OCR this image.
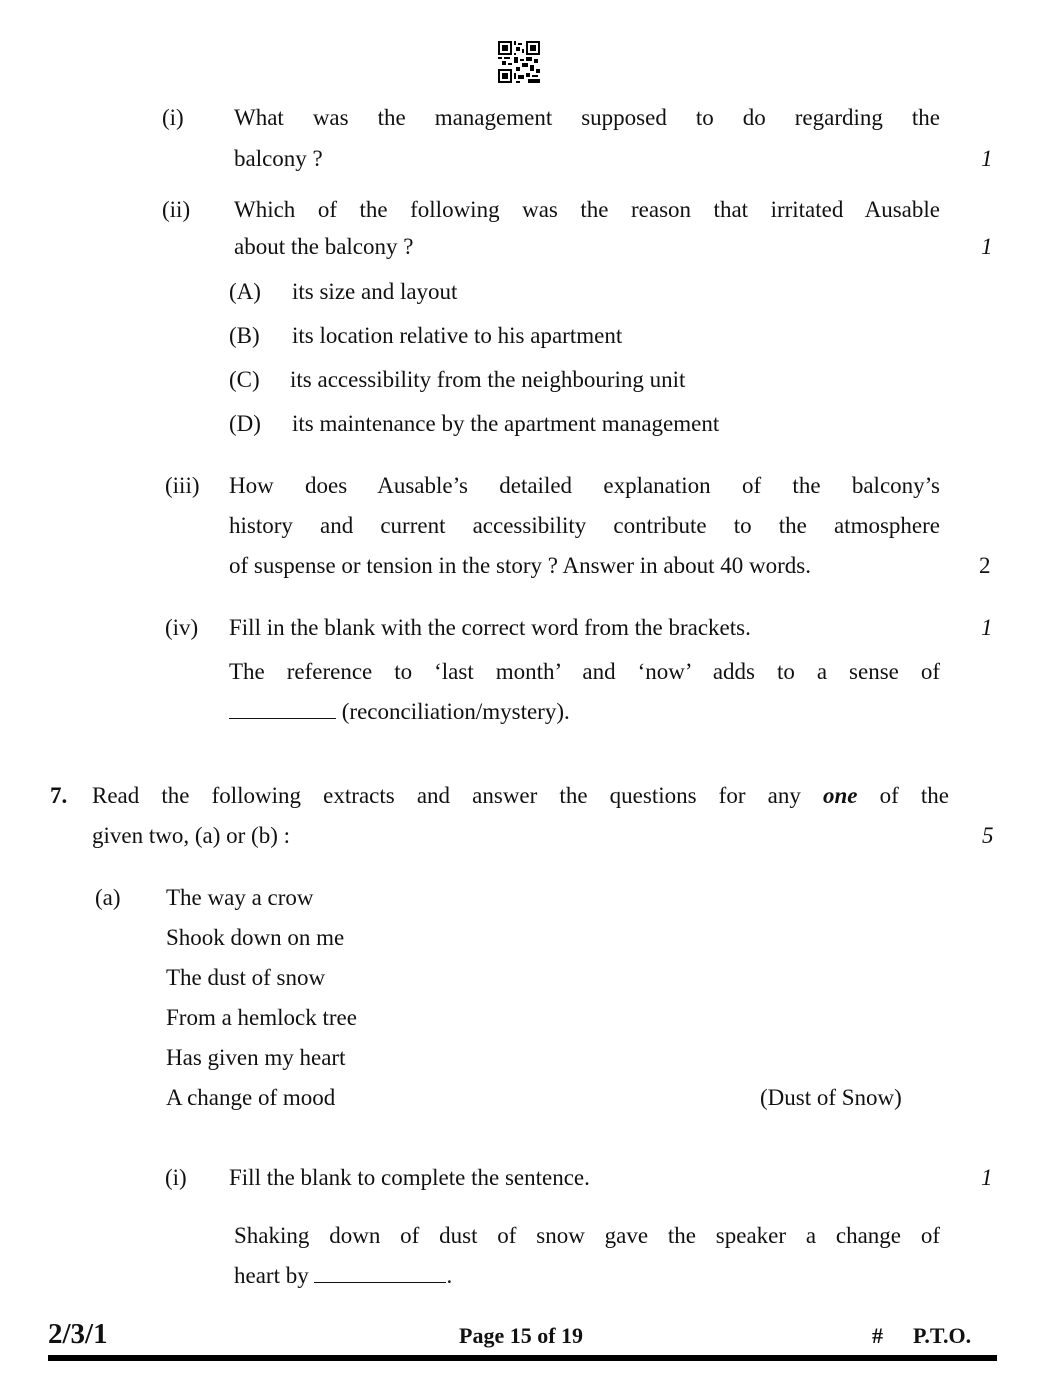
(i) What was the management supposed to do regarding the
balcony ?	1
(ii) Which of the following was the reason that irritated Ausable
about the balcony ?	1
(A) its size and layout
(B) its location relative to his apartment
(C) its accessibility from the neighbouring unit
(D) its maintenance by the apartment management
(iii) How does Ausable’s detailed explanation of the balcony’s
history and current accessibility contribute to the atmosphere
of suspense or tension in the story ? Answer in about 40 words.	2
(iv) Fill in the blank with the correct word from the brackets.	1
The reference to ‘last month’ and ‘now’ adds to a sense of
(reconciliation/mystery).
7. Read the following extracts and answer the questions for any one of the
given two, (a) or (b) :	5
(a) The way a crow
Shook down on me
The dust of snow
From a hemlock tree
Has given my heart
A change of mood	(Dust of Snow)
(i) Fill the blank to complete the sentence.	1
Shaking down of dust of snow gave the speaker a change of
heart by	.
2/3/1	Page 15 of 19	# P.T.O.
